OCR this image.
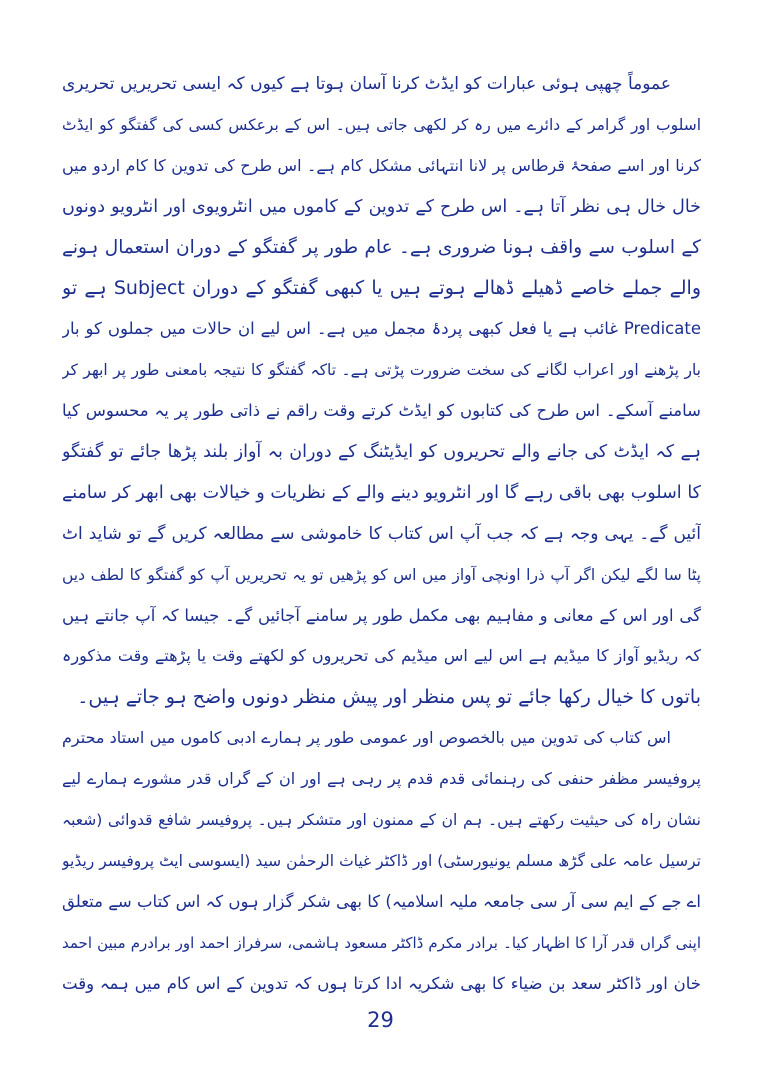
عموماً چھپی ہوئی عبارات کو ایڈٹ کرنا آسان ہوتا ہے کیوں کہ ایسی تحریریں تحریری
اسلوب اور گرامر کے دائرے میں رہ کر لکھی جاتی ہیں۔ اس کے برعکس کسی کی گفتگو کو ایڈٹ
کرنا اور اسے صفحۂ قرطاس پر لانا انتہائی مشکل کام ہے۔ اس طرح کی تدوین کا کام اردو میں
خال خال ہی نظر آتا ہے۔ اس طرح کے تدوین کے کاموں میں انٹرویوی اور انٹرویو دونوں
کے اسلوب سے واقف ہونا ضروری ہے۔ عام طور پر گفتگو کے دوران استعمال ہونے
والے جملے خاصے ڈھیلے ڈھالے ہوتے ہیں یا کبھی گفتگو کے دوران Subject ہے تو
Predicate غائب ہے یا فعل کبھی پردۂ مجمل میں ہے۔ اس لیے ان حالات میں جملوں کو بار
بار پڑھنے اور اعراب لگانے کی سخت ضرورت پڑتی ہے۔ تاکہ گفتگو کا نتیجہ بامعنی طور پر ابھر کر
سامنے آسکے۔ اس طرح کی کتابوں کو ایڈٹ کرتے وقت راقم نے ذاتی طور پر یہ محسوس کیا
ہے کہ ایڈٹ کی جانے والے تحریروں کو ایڈیٹنگ کے دوران بہ آواز بلند پڑھا جائے تو گفتگو
کا اسلوب بھی باقی رہے گا اور انٹرویو دینے والے کے نظریات و خیالات بھی ابھر کر سامنے
آئیں گے۔ یہی وجہ ہے کہ جب آپ اس کتاب کا خاموشی سے مطالعہ کریں گے تو شاید اٹ
پٹا سا لگے لیکن اگر آپ ذرا اونچی آواز میں اس کو پڑھیں تو یہ تحریریں آپ کو گفتگو کا لطف دیں
گی اور اس کے معانی و مفاہیم بھی مکمل طور پر سامنے آجائیں گے۔ جیسا کہ آپ جانتے ہیں
کہ ریڈیو آواز کا میڈیم ہے اس لیے اس میڈیم کی تحریروں کو لکھتے وقت یا پڑھتے وقت مذکورہ
باتوں کا خیال رکھا جائے تو پس منظر اور پیش منظر دونوں واضح ہو جاتے ہیں۔
اس کتاب کی تدوین میں بالخصوص اور عمومی طور پر ہمارے ادبی کاموں میں استاد محترم
پروفیسر مظفر حنفی کی رہنمائی قدم قدم پر رہی ہے اور ان کے گراں قدر مشورے ہمارے لیے
نشان راہ کی حیثیت رکھتے ہیں۔ ہم ان کے ممنون اور متشکر ہیں۔ پروفیسر شافع قدوائی (شعبہ
ترسیل عامہ علی گڑھ مسلم یونیورسٹی) اور ڈاکٹر غیاث الرحمٰن سید (ایسوسی ایٹ پروفیسر ریڈیو
اے جے کے ایم سی آر سی جامعہ ملیہ اسلامیہ) کا بھی شکر گزار ہوں کہ اس کتاب سے متعلق
اپنی گراں قدر آرا کا اظہار کیا۔ برادر مکرم ڈاکٹر مسعود ہاشمی، سرفراز احمد اور برادرم مبین احمد
خان اور ڈاکٹر سعد بن ضیاء کا بھی شکریہ ادا کرتا ہوں کہ تدوین کے اس کام میں ہمہ وقت
29
